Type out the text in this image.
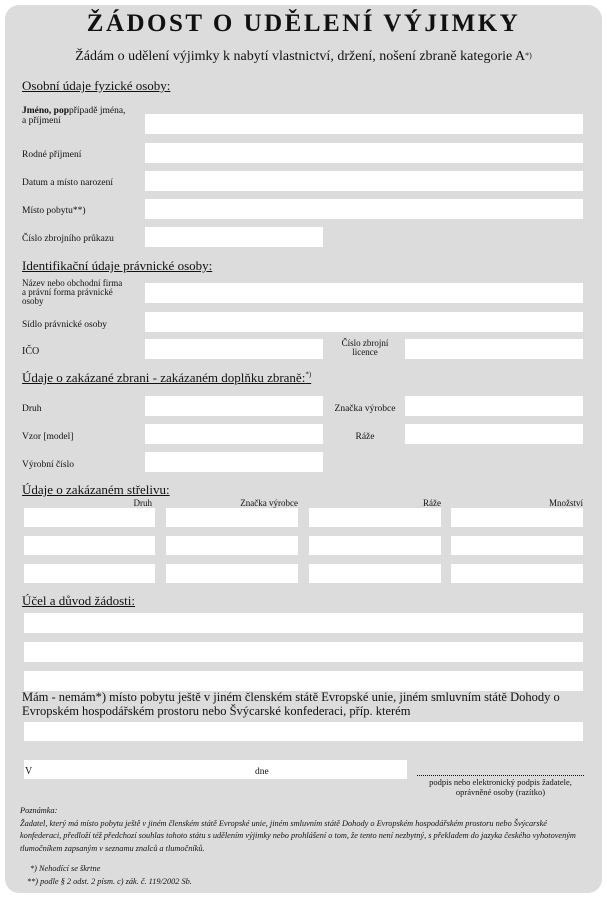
ŽÁDOST O UDĚLENÍ VÝJIMKY
Žádám o udělení výjimky k nabytí vlastnictví, držení, nošení zbraně kategorie A*)
Osobní údaje fyzické osoby:
Jméno, poppřípadě jména,
a příjmení
Rodné příjmení
Datum a místo narození
Místo pobytu**)
Číslo zbrojního průkazu
Identifikační údaje právnické osoby:
Název nebo obchodní firma a právní forma právnické osoby
Sídlo právnické osoby
IČO
Číslo zbrojní licence
Údaje o zakázané zbrani - zakázaném doplňku zbraně:*)
Druh	Značka výrobce
Vzor [model]	Ráže
Výrobní číslo
Údaje o zakázaném střelivu:
Druh	Značka výrobce	Ráže	Množství
Účel a důvod žádosti:
Mám - nemám*) místo pobytu ještě v jiném členském státě Evropské unie, jiném smluvním státě Dohody o Evropském hospodářském prostoru nebo Švýcarské konfederaci, příp. kterém
V	dne
podpis nebo elektronický podpis žadatele, oprávněné osoby (razítko)
Poznámka:
Žadatel, který má místo pobytu ještě v jiném členském státě Evropské unie, jiném smluvním státě Dohody o Evropském hospodářském prostoru nebo Švýcarské konfederaci, předloží též předchozí souhlas tohoto státu s udělením výjimky nebo prohlášení o tom, že tento není nezbytný, s překladem do jazyka českého vyhotoveným tlumočníkem zapsaným v seznamu znalců a tlumočníků.
*) Nehodící se škrtne
**) podle § 2 odst. 2 písm. c) zák. č. 119/2002 Sb.
